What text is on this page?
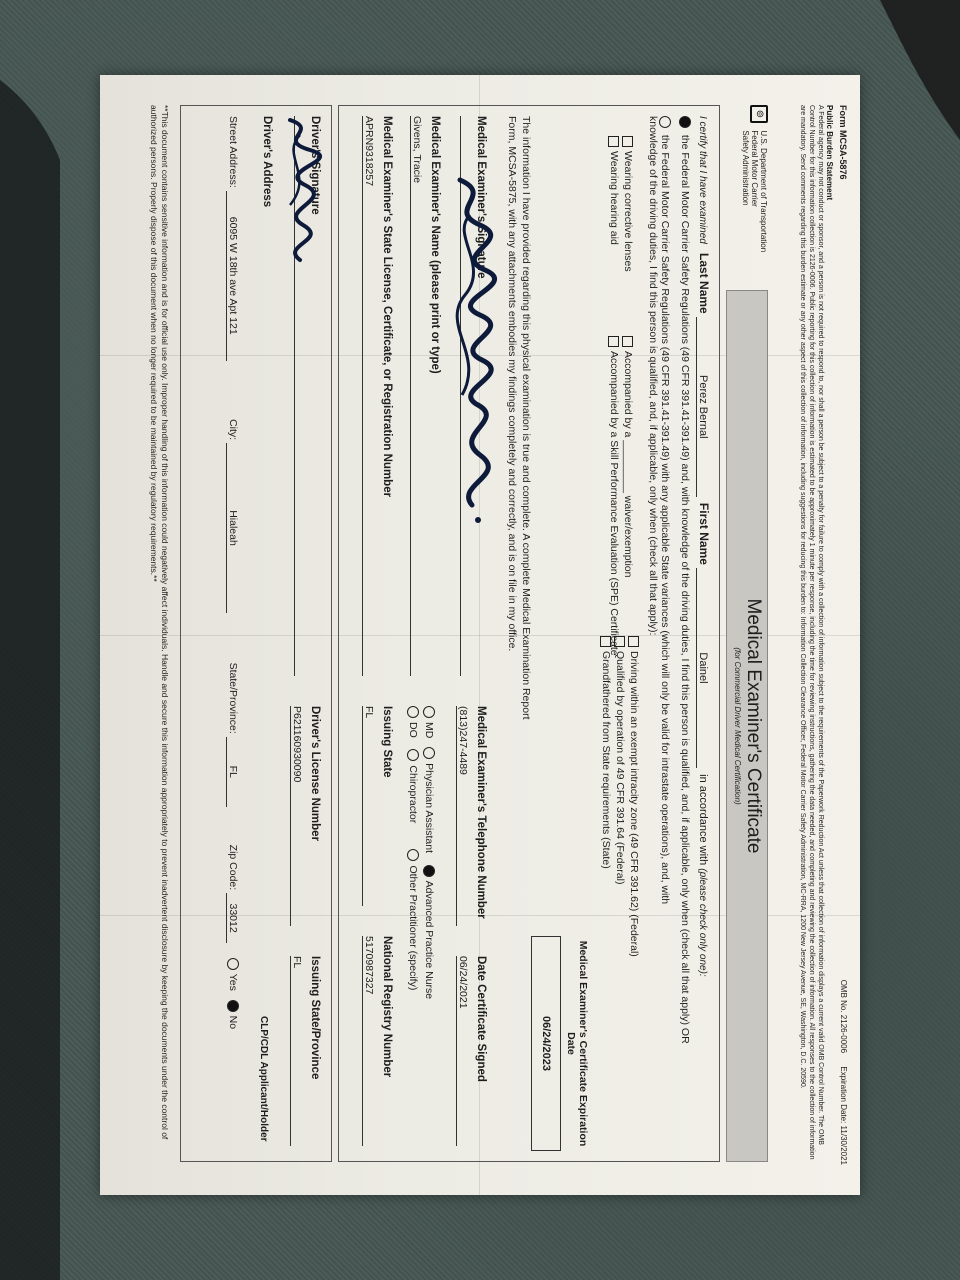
Form MCSA-5876
OMB No. 2126-0006      Expiration Date: 11/30/2021
Public Burden Statement
A Federal agency may not conduct or sponsor, and a person is not required to respond to, nor shall a person be subject to a penalty for failure to comply with a collection of information subject to the requirements of the Paperwork Reduction Act unless that collection of information displays a current valid OMB Control Number. The OMB Control Number for this information collection is 2126-0006. Public reporting for this collection of information is estimated to be approximately 1 minute per response, including the time for reviewing instructions, gathering the data needed, and completing and reviewing the collection of information. All responses to the collection of information are mandatory. Send comments regarding this burden estimate or any other aspect of this collection of information, including suggestions for reducing this burden to: Information Collection Clearance Officer, Federal Motor Carrier Safety Administration, MC-RRA, 1200 New Jersey Avenue, SE, Washington, D.C. 20590.
⊚ U.S. Department of Transportation
Federal Motor Carrier
Safety Administration
Medical Examiner's Certificate
(for Commercial Driver Medical Certification)
I certify that I have examined   Last Name Perez Bernal  First Name Dainel  in accordance with (please check only one):
the Federal Motor Carrier Safety Regulations (49 CFR 391.41-391.49) and, with knowledge of the driving duties, I find this person is qualified, and, if applicable, only when (check all that apply) OR
the Federal Motor Carrier Safety Regulations (49 CFR 391.41-391.49) with any applicable State variances (which will only be valid for intrastate operations), and, with knowledge of the driving duties, I find this person is qualified, and, if applicable, only when (check all that apply):
Wearing corrective lenses
Wearing hearing aid
Accompanied by a _________ waiver/exemption
Accompanied by a Skill Performance Evaluation (SPE) Certificate
Driving within an exempt intracity zone (49 CFR 391.62) (Federal)
Qualified by operation of 49 CFR 391.64 (Federal)
Grandfathered from State requirements (State)
Medical Examiner's Certificate Expiration Date
06/24/2023
The information I have provided regarding this physical examination is true and complete. A complete Medical Examination Report Form, MCSA-5875, with any attachments embodies my findings completely and correctly, and is on file in my office.
Medical Examiner's Signature
Medical Examiner's Telephone Number
(813)247-4489
Date Certificate Signed
06/24/2021
Medical Examiner's Name (please print or type)
Givens, Tracie
MD   Physician Assistant    Advanced Practice Nurse
DO    Chiropractor         Other Practitioner (specify)
Medical Examiner's State License, Certificate, or Registration Number
APRN9318257
Issuing State
FL
National Registry Number
5170987327
Driver's Signature
Driver's License Number
P621160930090
Issuing State/Province
FL
Driver's Address
CLP/CDL Applicant/Holder
Street Address: 6095 W 18th ave Apt 121                    City: Hialeah                 State/Province: FL             Zip Code: 33012     Yes   No
**This document contains sensitive information and is for official use only. Improper handling of this information could negatively affect individuals. Handle and secure this information appropriately to prevent inadvertent disclosure by keeping the documents under the control of authorized persons. Properly dispose of this document when no longer required to be maintained by regulatory requirements.**
